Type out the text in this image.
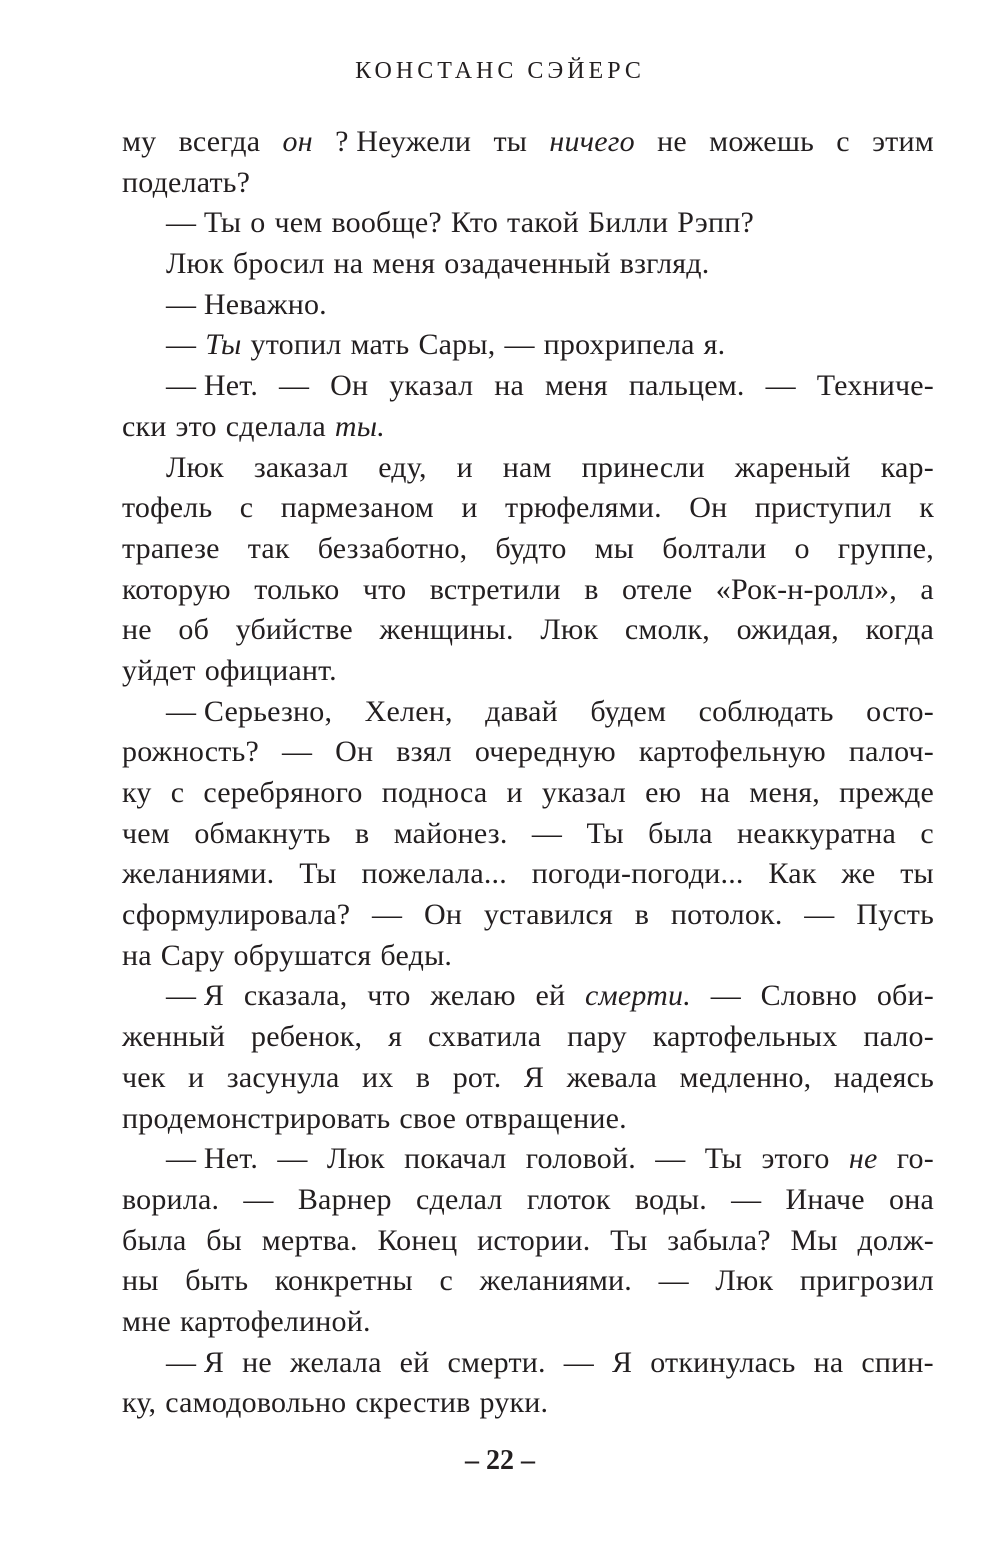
КОНСТАНС СЭЙЕРС
му всегда он ? Неужели ты ничего не можешь с этим
поделать?
— Ты о чем вообще? Кто такой Билли Рэпп?
Люк бросил на меня озадаченный взгляд.
— Неважно.
— Ты утопил мать Сары, — прохрипела я.
— Нет. — Он указал на меня пальцем. — Техниче-
ски это сделала ты.
Люк заказал еду, и нам принесли жареный кар-
тофель с пармезаном и трюфелями. Он приступил к
трапезе так беззаботно, будто мы болтали о группе,
которую только что встретили в отеле «Рок-н-ролл», а
не об убийстве женщины. Люк смолк, ожидая, когда
уйдет официант.
— Серьезно, Хелен, давай будем соблюдать осто-
рожность? — Он взял очередную картофельную палоч-
ку с серебряного подноса и указал ею на меня, прежде
чем обмакнуть в майонез. — Ты была неаккуратна с
желаниями. Ты пожелала... погоди-погоди... Как же ты
сформулировала? — Он уставился в потолок. — Пусть
на Сару обрушатся беды.
— Я сказала, что желаю ей смерти. — Словно оби-
женный ребенок, я схватила пару картофельных пало-
чек и засунула их в рот. Я жевала медленно, надеясь
продемонстрировать свое отвращение.
— Нет. — Люк покачал головой. — Ты этого не го-
ворила. — Варнер сделал глоток воды. — Иначе она
была бы мертва. Конец истории. Ты забыла? Мы долж-
ны быть конкретны с желаниями. — Люк пригрозил
мне картофелиной.
— Я не желала ей смерти. — Я откинулась на спин-
ку, самодовольно скрестив руки.
– 22 –
